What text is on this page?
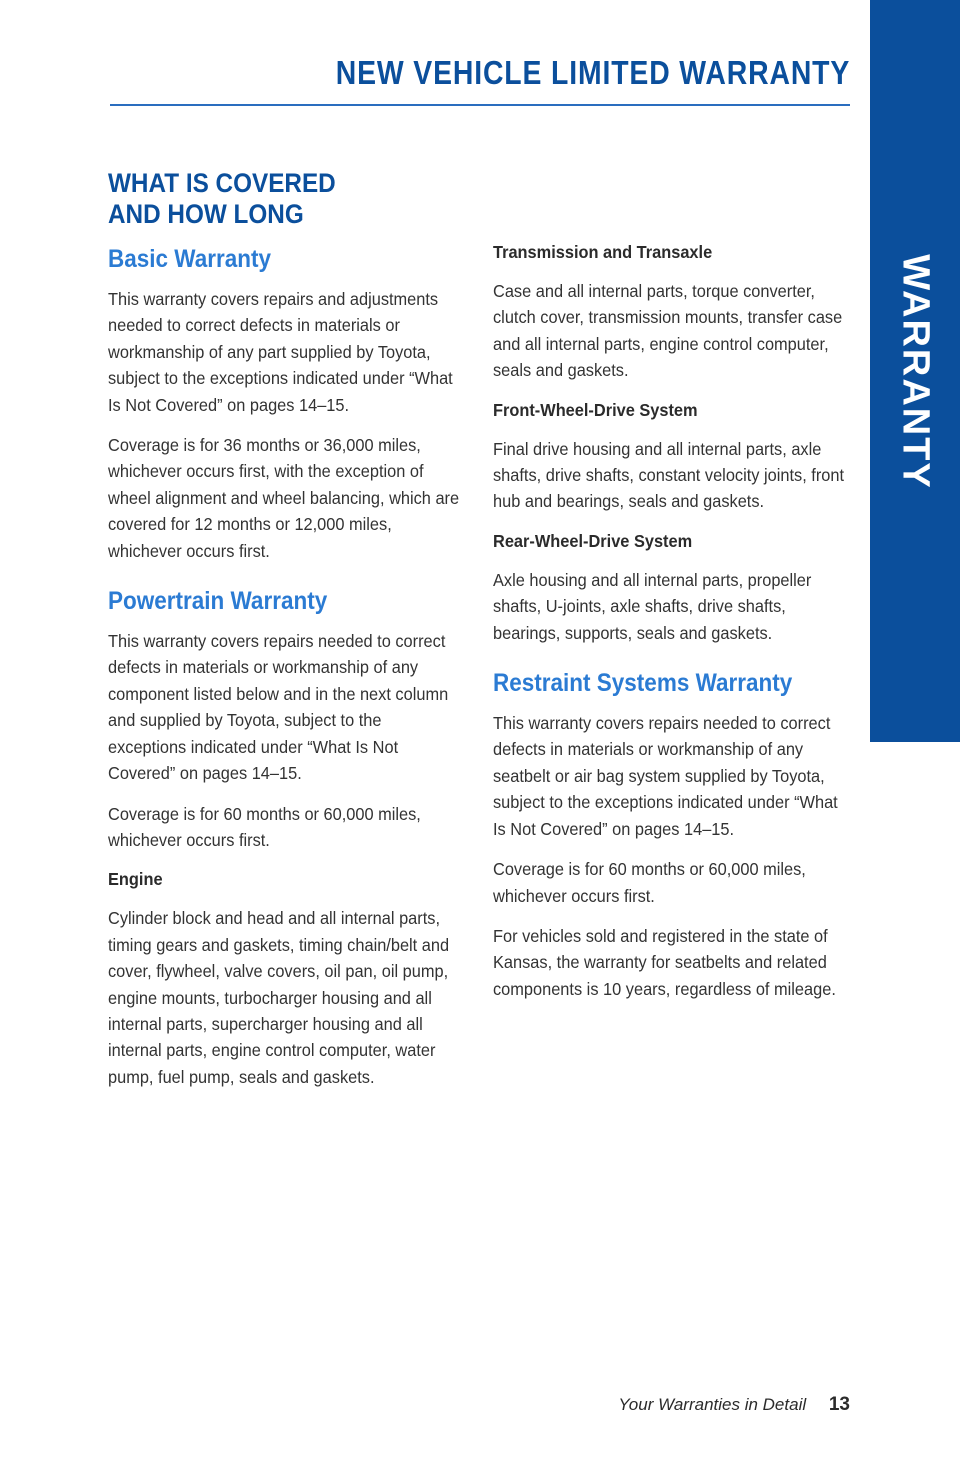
NEW VEHICLE LIMITED WARRANTY
WARRANTY
WHAT IS COVERED
AND HOW LONG
Basic Warranty

This warranty covers repairs and adjustments needed to correct defects in materials or workmanship of any part supplied by Toyota, subject to the exceptions indicated under “What Is Not Covered” on pages 14–15.

Coverage is for 36 months or 36,000 miles, whichever occurs first, with the exception of wheel alignment and wheel balancing, which are covered for 12 months or 12,000 miles, whichever occurs first.

Powertrain Warranty

This warranty covers repairs needed to correct defects in materials or workmanship of any component listed below and in the next column and supplied by Toyota, subject to the exceptions indicated under “What Is Not Covered” on pages 14–15.

Coverage is for 60 months or 60,000 miles, whichever occurs first.

Engine

Cylinder block and head and all internal parts, timing gears and gaskets, timing chain/belt and cover, flywheel, valve covers, oil pan, oil pump, engine mounts, turbocharger housing and all internal parts, supercharger housing and all internal parts, engine control computer, water pump, fuel pump, seals and gaskets.

Transmission and Transaxle

Case and all internal parts, torque converter, clutch cover, transmission mounts, transfer case and all internal parts, engine control computer, seals and gaskets.

Front-Wheel-Drive System

Final drive housing and all internal parts, axle shafts, drive shafts, constant velocity joints, front hub and bearings, seals and gaskets.

Rear-Wheel-Drive System

Axle housing and all internal parts, propeller shafts, U-joints, axle shafts, drive shafts, bearings, supports, seals and gaskets.

Restraint Systems Warranty

This warranty covers repairs needed to correct defects in materials or workmanship of any seatbelt or air bag system supplied by Toyota, subject to the exceptions indicated under “What Is Not Covered” on pages 14–15.

Coverage is for 60 months or 60,000 miles, whichever occurs first.

For vehicles sold and registered in the state of Kansas, the warranty for seatbelts and related components is 10 years, regardless of mileage.

Your Warranties in Detail 13
